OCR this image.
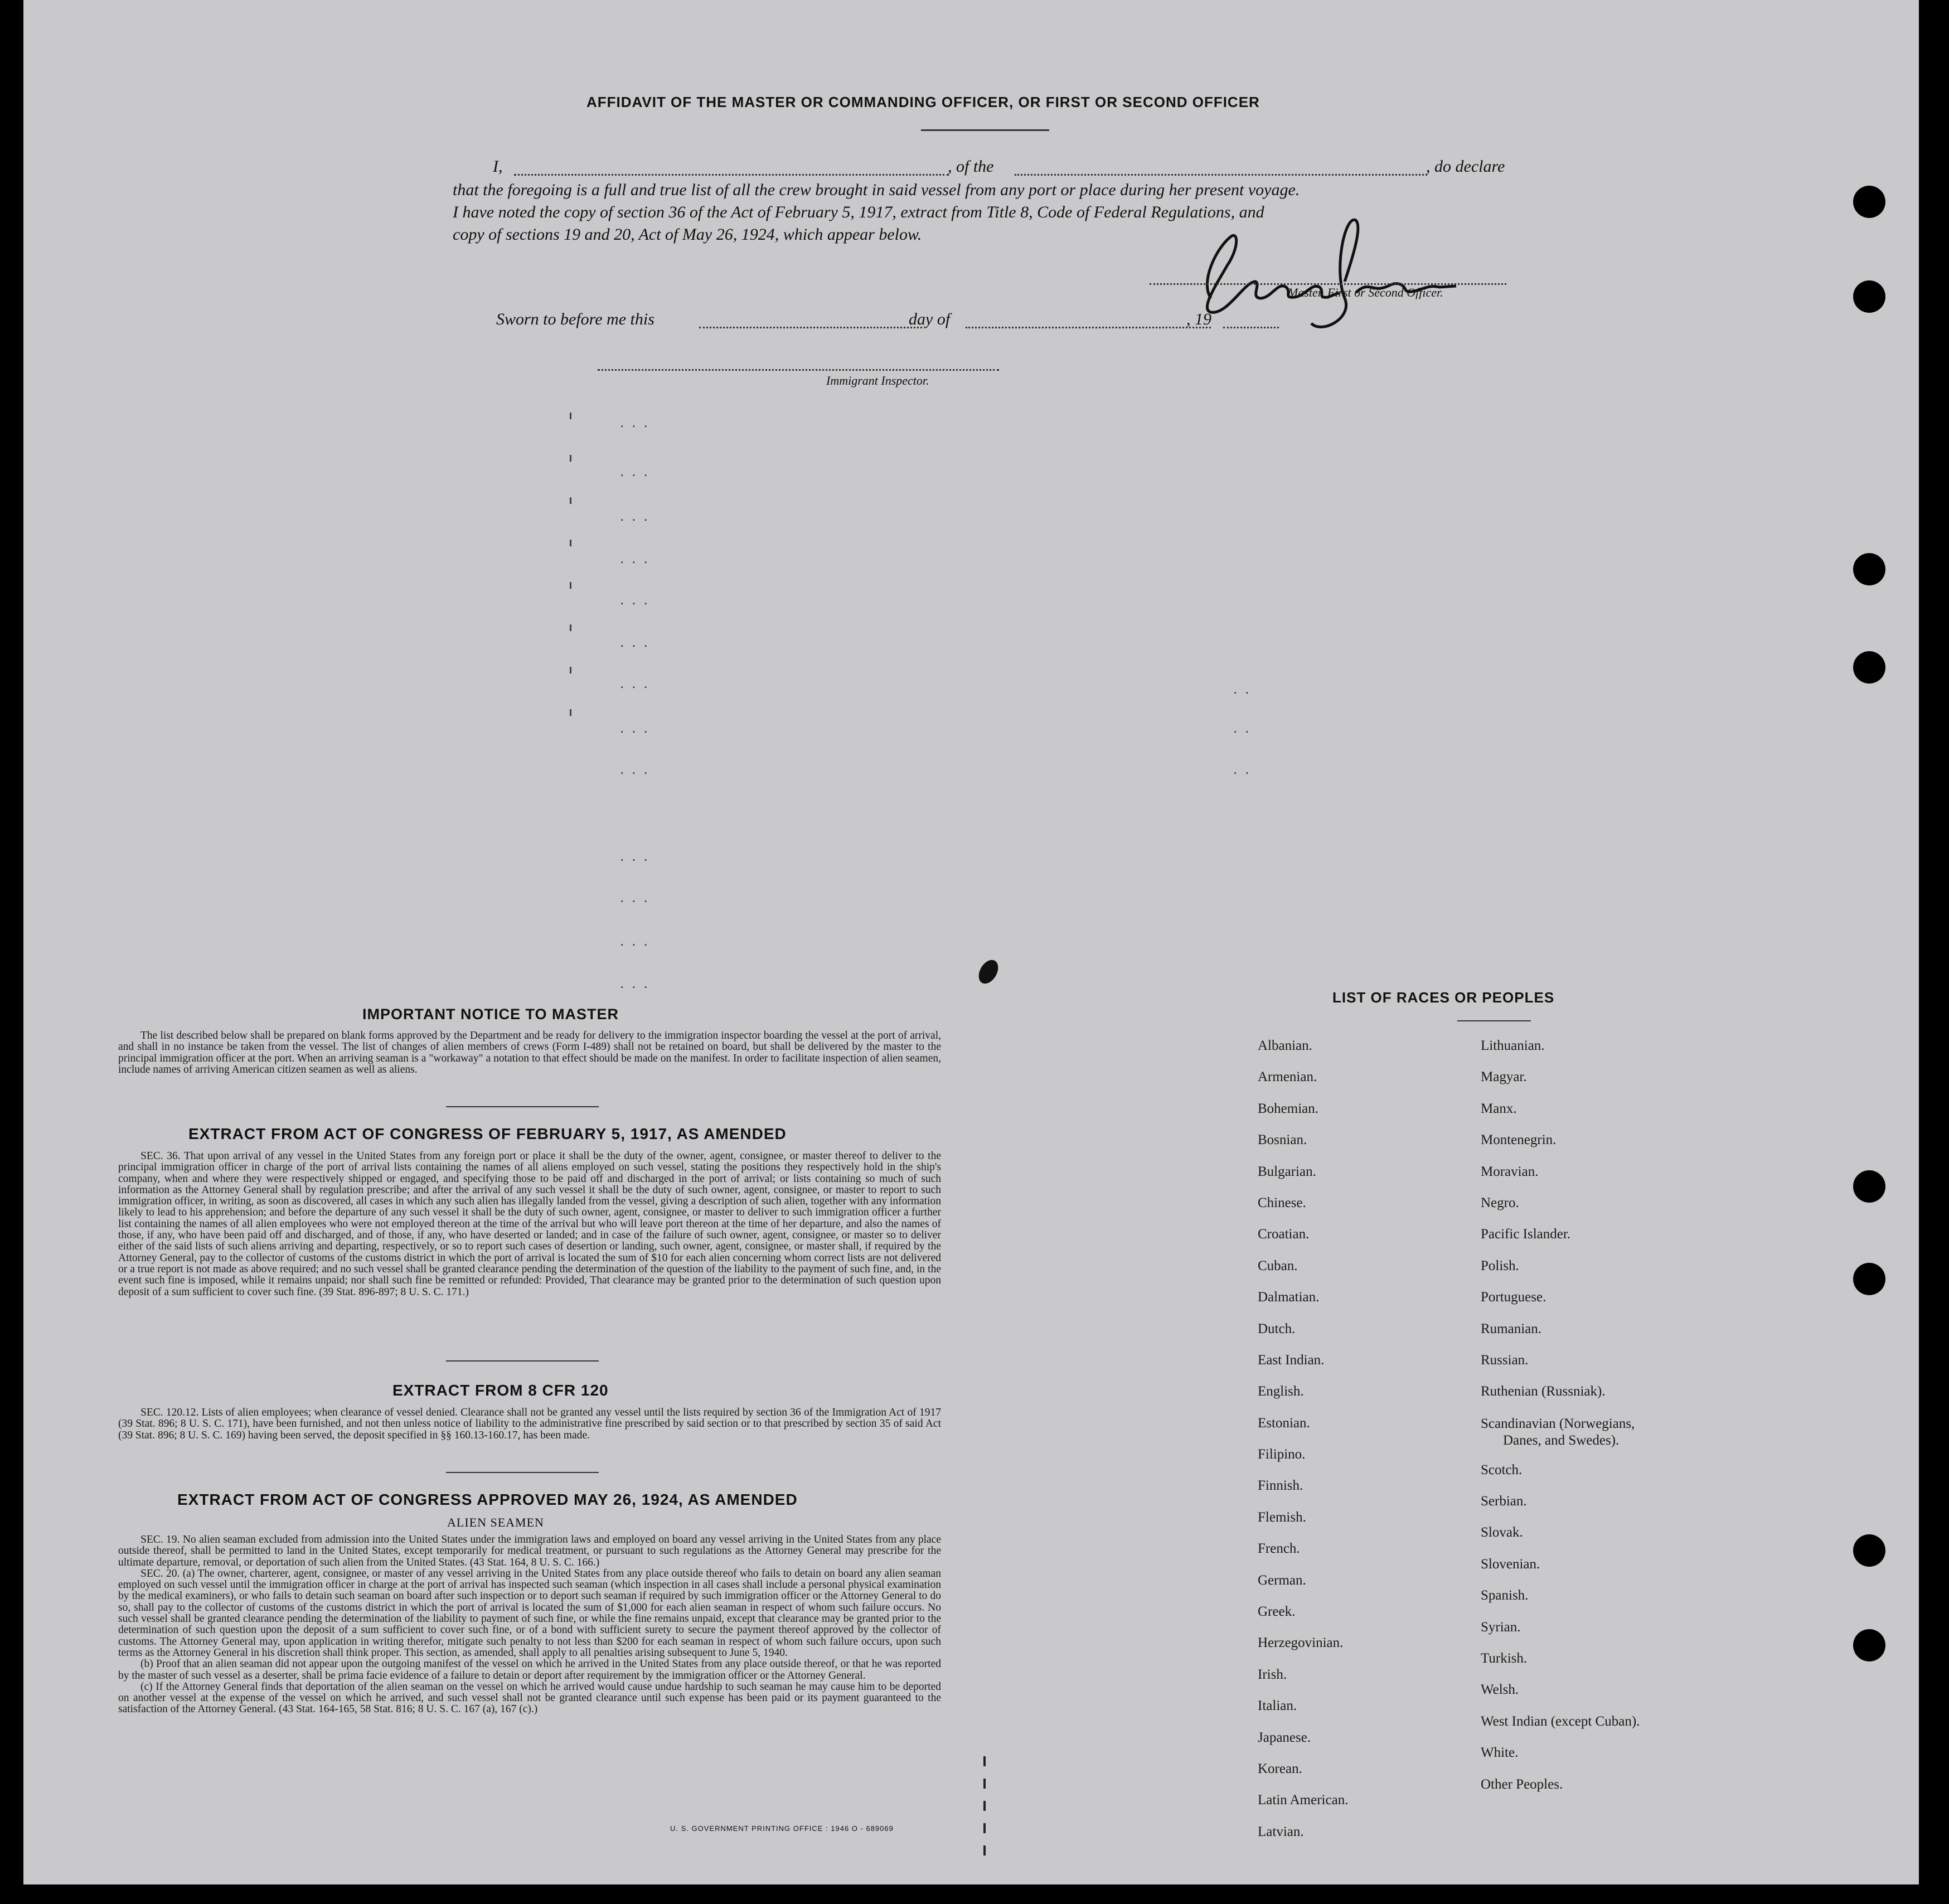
AFFIDAVIT OF THE MASTER OR COMMANDING OFFICER, OR FIRST OR SECOND OFFICER
I,	, of the	, do declare
that the foregoing is a full and true list of all the crew brought in said vessel from any port or place during her present voyage.
I have noted the copy of section 36 of the Act of February 5, 1917, extract from Title 8, Code of Federal Regulations, and
copy of sections 19 and 20, Act of May 26, 1924, which appear below.
Master, First or Second Officer.
Sworn to before me this	day of	, 19
Immigrant Inspector.
...
...
...
...
...
...
...
...
...
...
...
...
...
..
..
..
IMPORTANT NOTICE TO MASTER

The list described below shall be prepared on blank forms approved by the Department and be ready for delivery to the immigration inspector boarding the vessel at the port of arrival, and shall in no instance be taken from the vessel. The list of changes of alien members of crews (Form I-489) shall not be retained on board, but shall be delivered by the master to the principal immigration officer at the port. When an arriving seaman is a "workaway" a notation to that effect should be made on the manifest. In order to facilitate inspection of alien seamen, include names of arriving American citizen seamen as well as aliens.

EXTRACT FROM ACT OF CONGRESS OF FEBRUARY 5, 1917, AS AMENDED

SEC. 36. That upon arrival of any vessel in the United States from any foreign port or place it shall be the duty of the owner, agent, consignee, or master thereof to deliver to the principal immigration officer in charge of the port of arrival lists containing the names of all aliens employed on such vessel, stating the positions they respectively hold in the ship's company, when and where they were respectively shipped or engaged, and specifying those to be paid off and discharged in the port of arrival; or lists containing so much of such information as the Attorney General shall by regulation prescribe; and after the arrival of any such vessel it shall be the duty of such owner, agent, consignee, or master to report to such immigration officer, in writing, as soon as discovered, all cases in which any such alien has illegally landed from the vessel, giving a description of such alien, together with any information likely to lead to his apprehension; and before the departure of any such vessel it shall be the duty of such owner, agent, consignee, or master to deliver to such immigration officer a further list containing the names of all alien employees who were not employed thereon at the time of the arrival but who will leave port thereon at the time of her departure, and also the names of those, if any, who have been paid off and discharged, and of those, if any, who have deserted or landed; and in case of the failure of such owner, agent, consignee, or master so to deliver either of the said lists of such aliens arriving and departing, respectively, or so to report such cases of desertion or landing, such owner, agent, consignee, or master shall, if required by the Attorney General, pay to the collector of customs of the customs district in which the port of arrival is located the sum of $10 for each alien concerning whom correct lists are not delivered or a true report is not made as above required; and no such vessel shall be granted clearance pending the determination of the question of the liability to the payment of such fine, and, in the event such fine is imposed, while it remains unpaid; nor shall such fine be remitted or refunded: Provided, That clearance may be granted prior to the determination of such question upon deposit of a sum sufficient to cover such fine. (39 Stat. 896-897; 8 U. S. C. 171.)

EXTRACT FROM 8 CFR 120

SEC. 120.12. Lists of alien employees; when clearance of vessel denied. Clearance shall not be granted any vessel until the lists required by section 36 of the Immigration Act of 1917 (39 Stat. 896; 8 U. S. C. 171), have been furnished, and not then unless notice of liability to the administrative fine prescribed by said section or to that prescribed by section 35 of said Act (39 Stat. 896; 8 U. S. C. 169) having been served, the deposit specified in §§ 160.13-160.17, has been made.

EXTRACT FROM ACT OF CONGRESS APPROVED MAY 26, 1924, AS AMENDED
ALIEN SEAMEN

SEC. 19. No alien seaman excluded from admission into the United States under the immigration laws and employed on board any vessel arriving in the United States from any place outside thereof, shall be permitted to land in the United States, except temporarily for medical treatment, or pursuant to such regulations as the Attorney General may prescribe for the ultimate departure, removal, or deportation of such alien from the United States. (43 Stat. 164, 8 U. S. C. 166.)

SEC. 20. (a) The owner, charterer, agent, consignee, or master of any vessel arriving in the United States from any place outside thereof who fails to detain on board any alien seaman employed on such vessel until the immigration officer in charge at the port of arrival has inspected such seaman (which inspection in all cases shall include a personal physical examination by the medical examiners), or who fails to detain such seaman on board after such inspection or to deport such seaman if required by such immigration officer or the Attorney General to do so, shall pay to the collector of customs of the customs district in which the port of arrival is located the sum of $1,000 for each alien seaman in respect of whom such failure occurs. No such vessel shall be granted clearance pending the determination of the liability to payment of such fine, or while the fine remains unpaid, except that clearance may be granted prior to the determination of such question upon the deposit of a sum sufficient to cover such fine, or of a bond with sufficient surety to secure the payment thereof approved by the collector of customs. The Attorney General may, upon application in writing therefor, mitigate such penalty to not less than $200 for each seaman in respect of whom such failure occurs, upon such terms as the Attorney General in his discretion shall think proper. This section, as amended, shall apply to all penalties arising subsequent to June 5, 1940.

(b) Proof that an alien seaman did not appear upon the outgoing manifest of the vessel on which he arrived in the United States from any place outside thereof, or that he was reported by the master of such vessel as a deserter, shall be prima facie evidence of a failure to detain or deport after requirement by the immigration officer or the Attorney General.

(c) If the Attorney General finds that deportation of the alien seaman on the vessel on which he arrived would cause undue hardship to such seaman he may cause him to be deported on another vessel at the expense of the vessel on which he arrived, and such vessel shall not be granted clearance until such expense has been paid or its payment guaranteed to the satisfaction of the Attorney General. (43 Stat. 164-165, 58 Stat. 816; 8 U. S. C. 167 (a), 167 (c).)

U. S. GOVERNMENT PRINTING OFFICE : 1946 O - 689069
LIST OF RACES OR PEOPLES
Albanian.
Armenian.
Bohemian.
Bosnian.
Bulgarian.
Chinese.
Croatian.
Cuban.
Dalmatian.
Dutch.
East Indian.
English.
Estonian.
Filipino.
Finnish.
Flemish.
French.
German.
Greek.
Herzegovinian.
Irish.
Italian.
Japanese.
Korean.
Latin American.
Latvian.
Lithuanian.
Magyar.
Manx.
Montenegrin.
Moravian.
Negro.
Pacific Islander.
Polish.
Portuguese.
Rumanian.
Russian.
Ruthenian (Russniak).
Scandinavian (Norwegians,
Danes, and Swedes).
Scotch.
Serbian.
Slovak.
Slovenian.
Spanish.
Syrian.
Turkish.
Welsh.
West Indian (except Cuban).
White.
Other Peoples.
